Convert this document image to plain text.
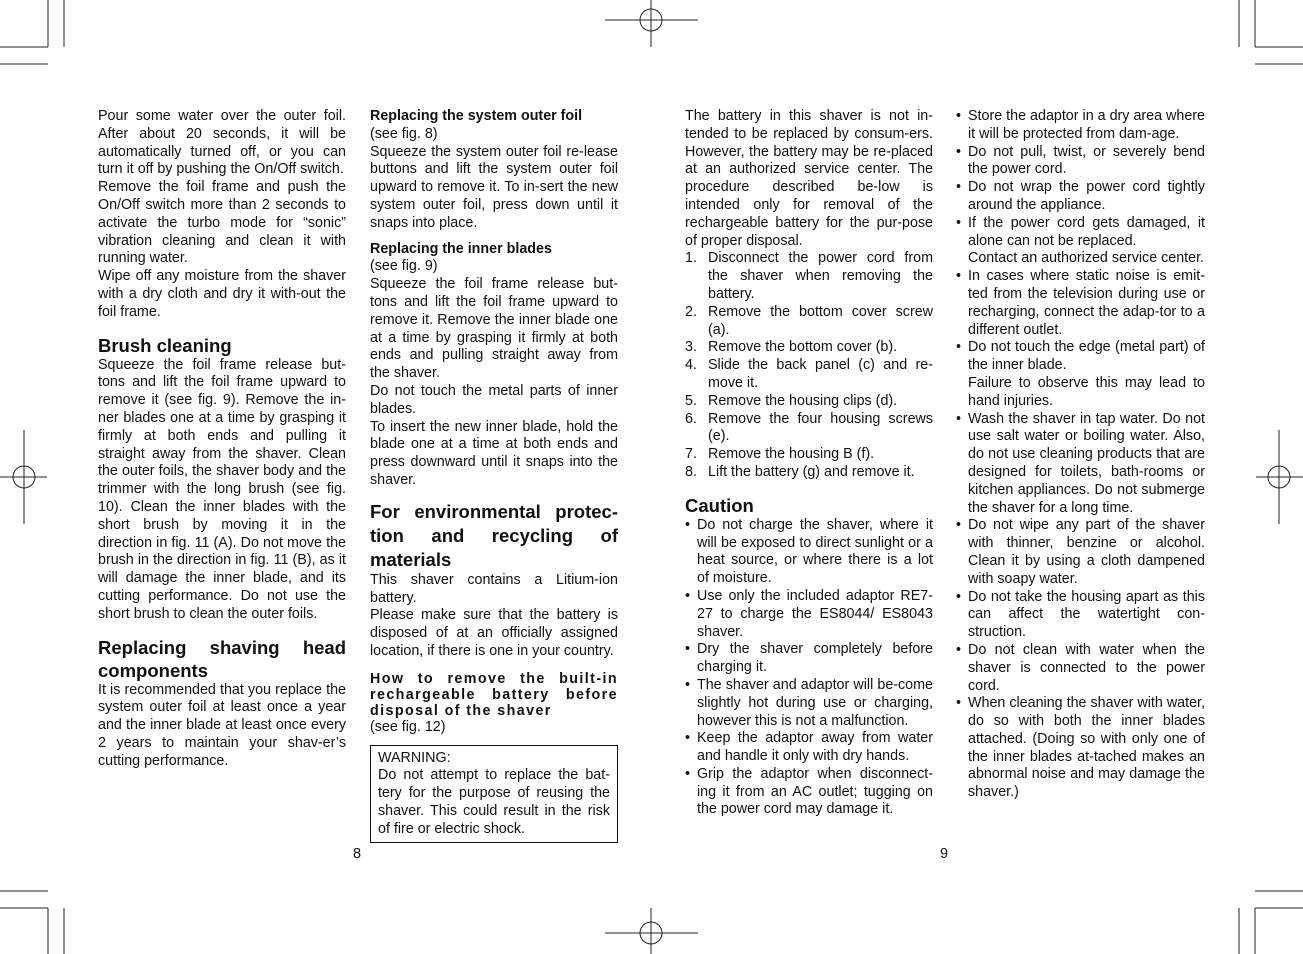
Pour some water over the outer foil. After about 20 seconds, it will be automatically turned off, or you can turn it off by pushing the On/Off switch.

Remove the foil frame and push the On/Off switch more than 2 seconds to activate the turbo mode for “sonic” vibration cleaning and clean it with running water.

Wipe off any moisture from the shaver with a dry cloth and dry it with-out the foil frame.

Brush cleaning

Squeeze the foil frame release but-tons and lift the foil frame upward to remove it (see fig. 9). Remove the in-ner blades one at a time by grasping it firmly at both ends and pulling it straight away from the shaver. Clean the outer foils, the shaver body and the trimmer with the long brush (see fig. 10). Clean the inner blades with the short brush by moving it in the direction in fig. 11 (A). Do not move the brush in the direction in fig. 11 (B), as it will damage the inner blade, and its cutting performance. Do not use the short brush to clean the outer foils.

Replacing shaving head components

It is recommended that you replace the system outer foil at least once a year and the inner blade at least once every 2 years to maintain your shav-er’s cutting performance.

Replacing the system outer foil

(see fig. 8)

Squeeze the system outer foil re-lease buttons and lift the system outer foil upward to remove it. To in-sert the new system outer foil, press down until it snaps into place.

Replacing the inner blades

(see fig. 9)

Squeeze the foil frame release but-tons and lift the foil frame upward to remove it. Remove the inner blade one at a time by grasping it firmly at both ends and pulling straight away from the shaver.

Do not touch the metal parts of inner blades.

To insert the new inner blade, hold the blade one at a time at both ends and press downward until it snaps into the shaver.

For environmental protec-tion and recycling of materials

This shaver contains a Litium-ion battery.

Please make sure that the battery is disposed of at an officially assigned location, if there is one in your country.

How to remove the built-in rechargeable battery before disposal of the shaver

(see fig. 12)

WARNING:

Do not attempt to replace the bat-tery for the purpose of reusing the shaver. This could result in the risk of fire or electric shock.

The battery in this shaver is not in-tended to be replaced by consum-ers. However, the battery may be re-placed at an authorized service center. The procedure described be-low is intended only for removal of the rechargeable battery for the pur-pose of proper disposal.

1. Disconnect the power cord from the shaver when removing the battery.
2. Remove the bottom cover screw (a).
3. Remove the bottom cover (b).
4. Slide the back panel (c) and re-move it.
5. Remove the housing clips (d).
6. Remove the four housing screws (e).
7. Remove the housing B (f).
8. Lift the battery (g) and remove it.
Caution
• Do not charge the shaver, where it will be exposed to direct sunlight or a heat source, or where there is a lot of moisture.
• Use only the included adaptor RE7-27 to charge the ES8044/ ES8043 shaver.
• Dry the shaver completely before charging it.
• The shaver and adaptor will be-come slightly hot during use or charging, however this is not a malfunction.
• Keep the adaptor away from water and handle it only with dry hands.
• Grip the adaptor when disconnect-ing it from an AC outlet; tugging on the power cord may damage it.
• Store the adaptor in a dry area where it will be protected from dam-age.
• Do not pull, twist, or severely bend the power cord.
• Do not wrap the power cord tightly around the appliance.
• If the power cord gets damaged, it alone can not be replaced.
Contact an authorized service center.
• In cases where static noise is emit-ted from the television during use or recharging, connect the adap-tor to a different outlet.
• Do not touch the edge (metal part) of the inner blade.
Failure to observe this may lead to hand injuries.
• Wash the shaver in tap water. Do not use salt water or boiling water. Also, do not use cleaning products that are designed for toilets, bath-rooms or kitchen appliances. Do not submerge the shaver for a long time.
• Do not wipe any part of the shaver with thinner, benzine or alcohol. Clean it by using a cloth dampened with soapy water.
• Do not take the housing apart as this can affect the watertight con-struction.
• Do not clean with water when the shaver is connected to the power cord.
• When cleaning the shaver with water, do so with both the inner blades attached. (Doing so with only one of the inner blades at-tached makes an abnormal noise and may damage the shaver.)
8	9
